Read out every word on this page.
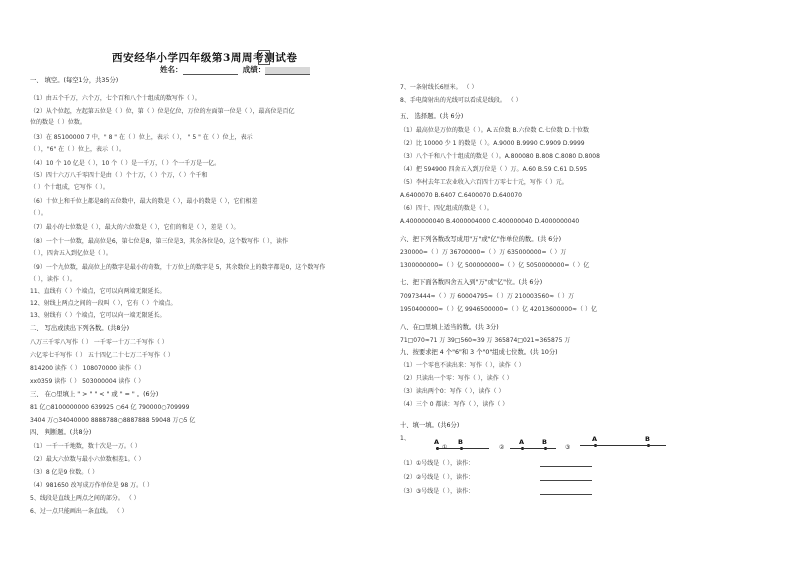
西安经华小学四年级第3周周考测试卷
姓名：	成绩：
一、 填空。(每空1分，共35分)
（1）由五个千万，六个万，七个百和八个十组成的数写作（ ）。
（2）从个位起，左起第五位是（ ）位，第（ ）位是亿位，万位的左面第一位是（ ），最高位是百亿
位的数是（ ）位数。
（3）在 85100000 7 中，" 8 " 在（ ）位上，表示（ ）， " 5 " 在（ ）位上，表示
（ ），"6" 在（ ）位上，表示（ ）。
（4）10 个 10 亿是（ ），10 个（ ）是一千万，（ ）个一千万是一亿。
（5）四十六万八千零四十是由（ ）个十万，（ ）个万，（ ）个千和
（ ）个十组成，它写作（ ）。
（6）十位上和千位上都是8的五位数中，最大的数是（ ），最小的数是（ ），它们相差
（ ）。
（7）最小的七位数是（ ），最大的六位数是（ ），它们的和是（ ），差是（ ）。
（8）一个十一位数，最高位是6，第七位是8，第三位是3，其余各位是0，这个数写作（ ），读作
（ ），四舍五入到亿位是（ ）。
（9）一个九位数，最高位上的数字是最小的奇数，十万位上的数字是 5，其余数位上的数字都是0，这个数写作
（ ），读作（ ）。
11、直线有（ ）个端点，它可以向两端无限延长。
12、射线上两点之间的一段叫（ ），它有（ ）个端点。
13、射线有（ ）个端点，它可以向一端无限延长。
二、 写出或读出下列各数。(共8分)
八万三千零八写作（ ） 一千零一十万二千写作（ ）
六亿零七千写作（ ） 五十四亿二十七万二千写作（ ）
814200 读作（ ） 108070000 读作（ ）
xx0359 读作（ ） 503000004 读作（ ）
三、 在○里填上 " > " " < " 或 " = " 。(6分)
81 亿○8100000000 639925 ○64 亿 790000○709999
3404 万○34040000 8888788○8887888 59048 万○5 亿
四、 判断题。(共8分)
（1）一千一千地数，数十次是一万。（ ）
（2）最大六位数与最小六位数相差1。（ ）
（3）8 亿是9 位数。（ ）
（4）981650 改写成万作单位是 98 万。（ ）
5、线段是直线上两点之间的部分。 （ ）
6、过一点只能画出一条直线。 （ ）
7、一条射线长6厘米。 （ ）
8、手电筒射出的光线可以看成是线段。 （ ）
五、 选择题。(共 6分)
（1）最高位是万位的数是（ ）。A.五位数 B.六位数 C.七位数 D.十位数
（2）比 10000 少 1 的数是（ ）。A.9000 B.9990 C.9909 D.9999
（3）八个千和八个十组成的数是（ ）。A.800080 B.808 C.8080 D.8008
（4）把 594900 四舍五入到万位是（ ）万。A.60 B.59 C.61 D.595
（5）李村去年工农业收入六百四十万零七十元，写作（ ）元。
A.6400070 B.6407 C.6400070 D.640070
（6）四十、四亿组成的数是（ ）。
A.4000000040 B.4000004000 C.400000040 D.4000000040
六、把下列各数改写成用"万"或"亿"作单位的数。(共 6分)
230000=（ ）万 36700000=（ ）万 635000000=（ ）万
1300000000=（ ）亿 500000000=（ ）亿 5050000000=（ ）亿
七、把下面各数四舍五入到"万"或"亿"位。(共 6分)
70973444≈（ ）万 60004795≈（ ）万 210003560≈（ ）万
1950400000≈（ ）亿 9946500000≈（ ）亿 42013600000≈（ ）亿
八、在□里填上适当的数。(共 3分)
71□070≈71 万 39□560≈39 万 365874□021≈365875 万
九、按要求把 4 个"6"和 3 个"0"组成七位数。(共 10分)
（1）一个零也不读出来：写作（ ），读作（ ）
（2）只读出一个零：写作（ ），读作（ ）
（3）读出两个0：写作（ ），读作（ ）
（4）三个 0 都读：写作（ ），读作（ ）
十、填一填。(共6分)
1、
（1）①号线是（ ），读作：
（2）②号线是（ ），读作：
（3）③号线是（ ），读作：
A	B
①	②
A	B
③
A	B
